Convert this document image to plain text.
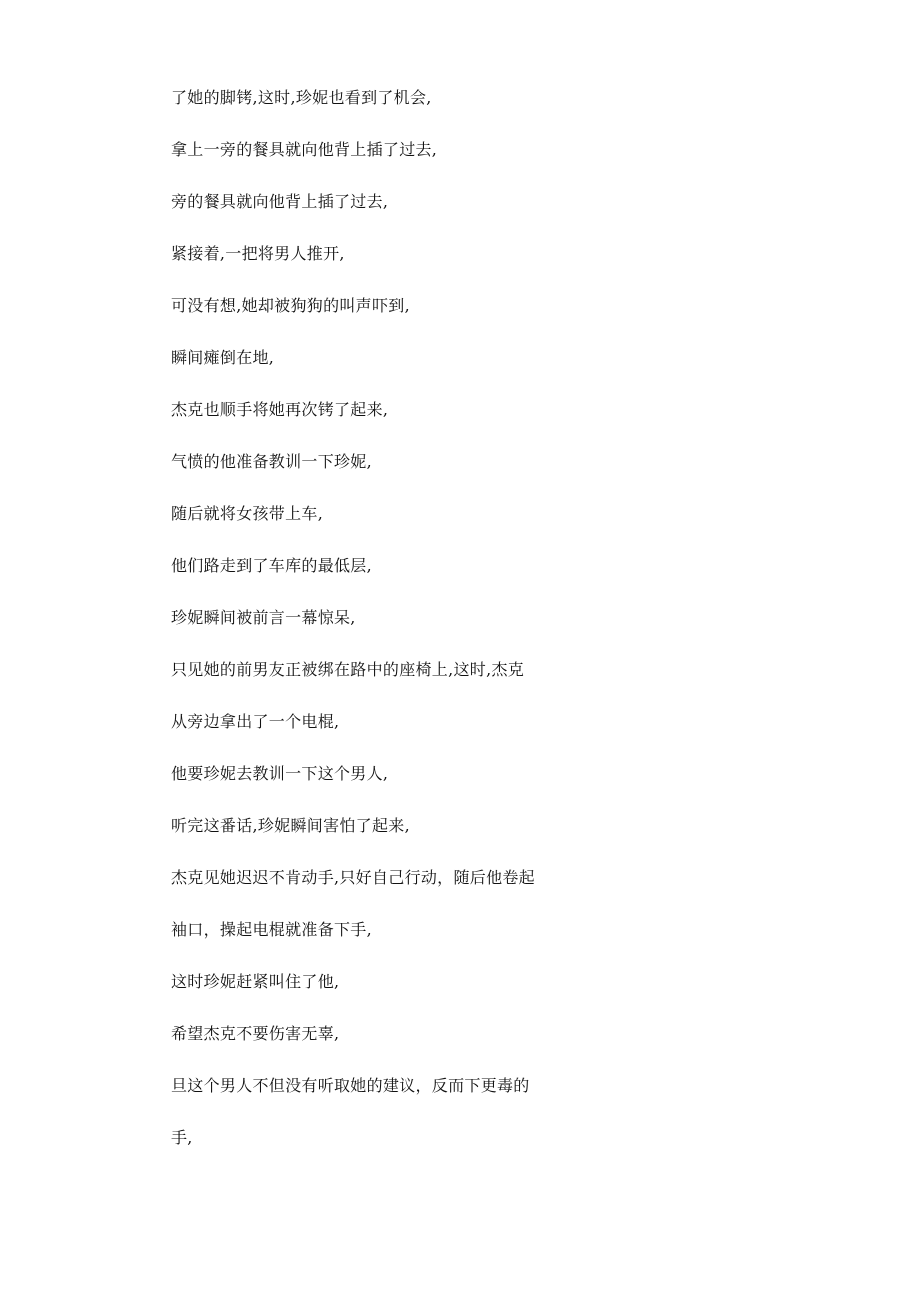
了她的脚铐,这时,珍妮也看到了机会,
拿上一旁的餐具就向他背上插了过去,
旁的餐具就向他背上插了过去,
紧接着,一把将男人推开,
可没有想,她却被狗狗的叫声吓到,
瞬间瘫倒在地,
杰克也顺手将她再次铐了起来,
气愤的他准备教训一下珍妮,
随后就将女孩带上车,
他们路走到了车库的最低层,
珍妮瞬间被前言一幕惊呆,
只见她的前男友正被绑在路中的座椅上,这时,杰克
从旁边拿出了一个电棍,
他要珍妮去教训一下这个男人,
听完这番话,珍妮瞬间害怕了起来,
杰克见她迟迟不肯动手,只好自己行动，随后他卷起
袖口，操起电棍就准备下手,
这时珍妮赶紧叫住了他,
希望杰克不要伤害无辜,
旦这个男人不但没有听取她的建议，反而下更毒的
手,
